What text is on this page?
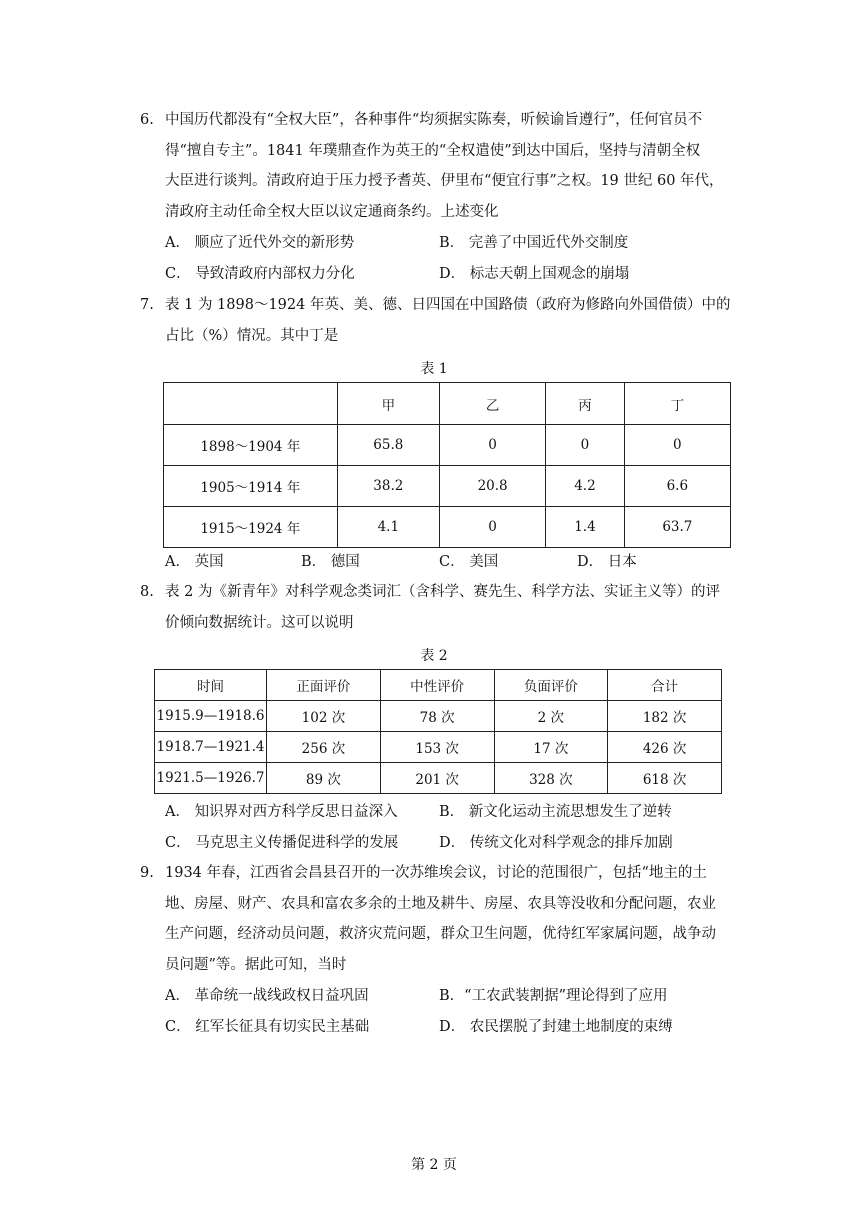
6. 中国历代都没有“全权大臣”，各种事件“均须据实陈奏，听候谕旨遵行”，任何官员不
得“擅自专主”。1841 年璞鼎查作为英王的“全权遣使”到达中国后，坚持与清朝全权
大臣进行谈判。清政府迫于压力授予耆英、伊里布“便宜行事”之权。19 世纪 60 年代，
清政府主动任命全权大臣以议定通商条约。上述变化
A． 顺应了近代外交的新形势	B． 完善了中国近代外交制度
C． 导致清政府内部权力分化	D． 标志天朝上国观念的崩塌
7. 表 1 为 1898～1924 年英、美、德、日四国在中国路债（政府为修路向外国借债）中的
占比（%）情况。其中丁是
表 1
	甲	乙	丙	丁
1898～1904 年	65.8	0	0	0
1905～1914 年	38.2	20.8	4.2	6.6
1915～1924 年	4.1	0	1.4	63.7
A． 英国	B． 德国	C． 美国	D． 日本
8. 表 2 为《新青年》对科学观念类词汇（含科学、赛先生、科学方法、实证主义等）的评
价倾向数据统计。这可以说明
表 2
时间	正面评价	中性评价	负面评价	合计
1915.9—1918.6	102 次	78 次	2 次	182 次
1918.7—1921.4	256 次	153 次	17 次	426 次
1921.5—1926.7	89 次	201 次	328 次	618 次
A． 知识界对西方科学反思日益深入	B． 新文化运动主流思想发生了逆转
C． 马克思主义传播促进科学的发展	D． 传统文化对科学观念的排斥加剧
9. 1934 年春，江西省会昌县召开的一次苏维埃会议，讨论的范围很广，包括“地主的土
地、房屋、财产、农具和富农多余的土地及耕牛、房屋、农具等没收和分配问题，农业
生产问题，经济动员问题，救济灾荒问题，群众卫生问题，优待红军家属问题，战争动
员问题”等。据此可知，当时
A． 革命统一战线政权日益巩固	B．“工农武装割据”理论得到了应用
C． 红军长征具有切实民主基础	D． 农民摆脱了封建土地制度的束缚
第 2 页
